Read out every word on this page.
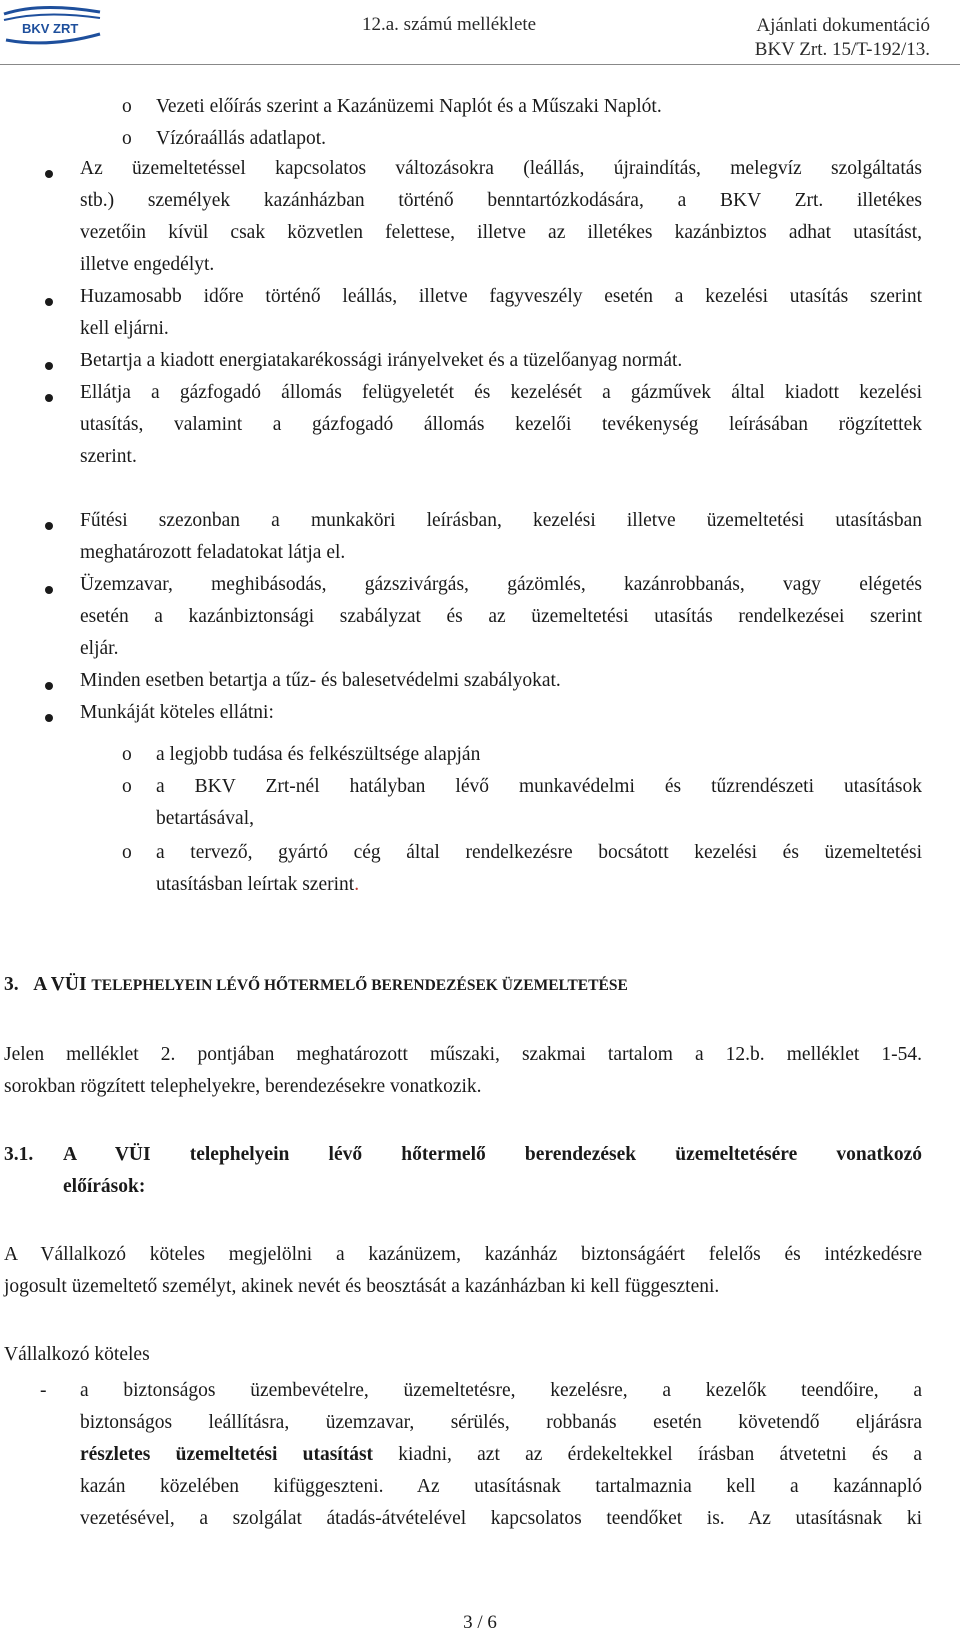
BKV ZRT	12.a. számú melléklete	Ajánlati dokumentáció
BKV Zrt. 15/T-192/13.
o Vezeti előírás szerint a Kazánüzemi Naplót és a Műszaki Naplót.
o Vízóraállás adatlapot.
Az üzemeltetéssel kapcsolatos változásokra (leállás, újraindítás, melegvíz szolgáltatás
stb.) személyek kazánházban történő benntartózkodására, a BKV Zrt. illetékes
vezetőin kívül csak közvetlen felettese, illetve az illetékes kazánbiztos adhat utasítást,
illetve engedélyt.
Huzamosabb időre történő leállás, illetve fagyveszély esetén a kezelési utasítás szerint
kell eljárni.
Betartja a kiadott energiatakarékossági irányelveket és a tüzelőanyag normát.
Ellátja a gázfogadó állomás felügyeletét és kezelését a gázművek által kiadott kezelési
utasítás, valamint a gázfogadó állomás kezelői tevékenység leírásában rögzítettek
szerint.
Fűtési szezonban a munkaköri leírásban, kezelési illetve üzemeltetési utasításban
meghatározott feladatokat látja el.
Üzemzavar, meghibásodás, gázszivárgás, gázömlés, kazánrobbanás, vagy elégetés
esetén a kazánbiztonsági szabályzat és az üzemeltetési utasítás rendelkezései szerint
eljár.
Minden esetben betartja a tűz- és balesetvédelmi szabályokat.
Munkáját köteles ellátni:
o a legjobb tudása és felkészültsége alapján
o a BKV Zrt-nél hatályban lévő munkavédelmi és tűzrendészeti utasítások
betartásával,
o a tervező, gyártó cég által rendelkezésre bocsátott kezelési és üzemeltetési
utasításban leírtak szerint.
3. A VÜI TELEPHELYEIN LÉVŐ HŐTERMELŐ BERENDEZÉSEK ÜZEMELTETÉSE
Jelen melléklet 2. pontjában meghatározott műszaki, szakmai tartalom a 12.b. melléklet 1-54.
sorokban rögzített telephelyekre, berendezésekre vonatkozik.
3.1. A VÜI telephelyein lévő hőtermelő berendezések üzemeltetésére vonatkozó
előírások:
A Vállalkozó köteles megjelölni a kazánüzem, kazánház biztonságáért felelős és intézkedésre
jogosult üzemeltető személyt, akinek nevét és beosztását a kazánházban ki kell függeszteni.
Vállalkozó köteles
- a biztonságos üzembevételre, üzemeltetésre, kezelésre, a kezelők teendőire, a
biztonságos leállításra, üzemzavar, sérülés, robbanás esetén követendő eljárásra
részletes üzemeltetési utasítást kiadni, azt az érdekeltekkel írásban átvetetni és a
kazán közelében kifüggeszteni. Az utasításnak tartalmaznia kell a kazánnapló
vezetésével, a szolgálat átadás-átvételével kapcsolatos teendőket is. Az utasításnak ki
3 / 6
